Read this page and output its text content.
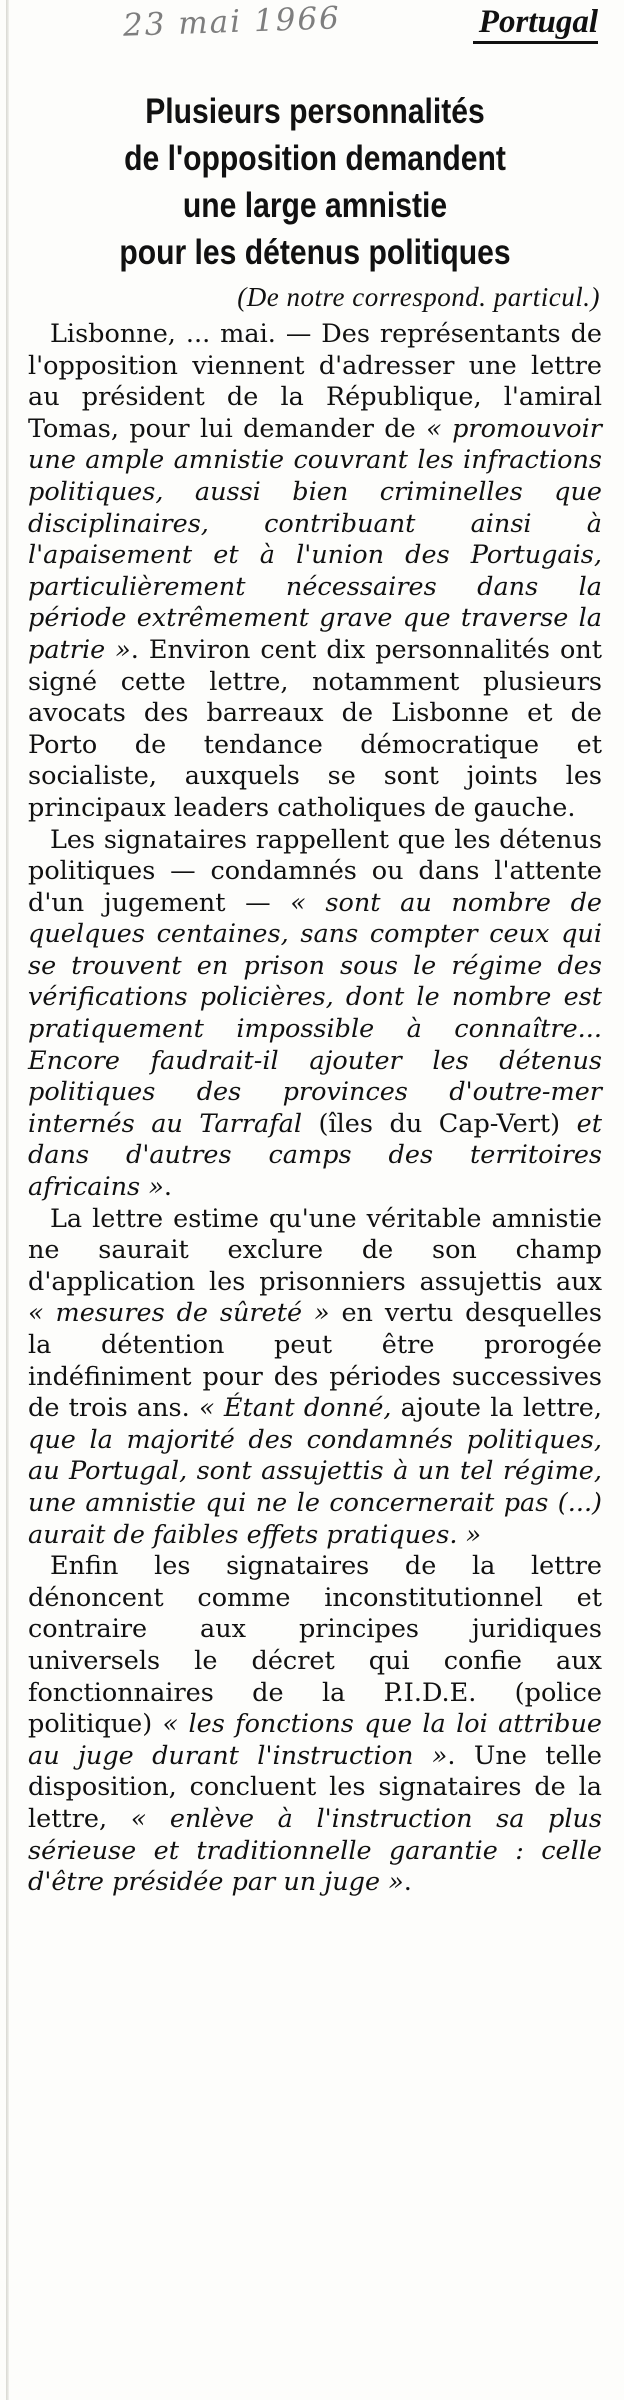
23 mai 1966	Portugal
Plusieurs personnalités
de l'opposition demandent
une large amnistie
pour les détenus politiques
(De notre correspond. particul.)

Lisbonne, ... mai. — Des représentants de l'opposition viennent d'adresser une lettre au président de la République, l'amiral Tomas, pour lui demander de « promouvoir une ample amnistie couvrant les infractions politiques, aussi bien criminelles que disciplinaires, contribuant ainsi à l'apaisement et à l'union des Portugais, particulièrement nécessaires dans la période extrêmement grave que traverse la patrie ». Environ cent dix personnalités ont signé cette lettre, notamment plusieurs avocats des barreaux de Lisbonne et de Porto de tendance démocratique et socialiste, auxquels se sont joints les principaux leaders catholiques de gauche.

Les signataires rappellent que les détenus politiques — condamnés ou dans l'attente d'un jugement — « sont au nombre de quelques centaines, sans compter ceux qui se trouvent en prison sous le régime des vérifications policières, dont le nombre est pratiquement impossible à connaître... Encore faudrait-il ajouter les détenus politiques des provinces d'outre-mer internés au Tarrafal (îles du Cap-Vert) et dans d'autres camps des territoires africains ».

La lettre estime qu'une véritable amnistie ne saurait exclure de son champ d'application les prisonniers assujettis aux « mesures de sûreté » en vertu desquelles la détention peut être prorogée indéfiniment pour des périodes successives de trois ans. « Étant donné, ajoute la lettre, que la majorité des condamnés politiques, au Portugal, sont assujettis à un tel régime, une amnistie qui ne le concernerait pas (...) aurait de faibles effets pratiques. »

Enfin les signataires de la lettre dénoncent comme inconstitutionnel et contraire aux principes juridiques universels le décret qui confie aux fonctionnaires de la P.I.D.E. (police politique) « les fonctions que la loi attribue au juge durant l'instruction ». Une telle disposition, concluent les signataires de la lettre, « enlève à l'instruction sa plus sérieuse et traditionnelle garantie : celle d'être présidée par un juge ».
